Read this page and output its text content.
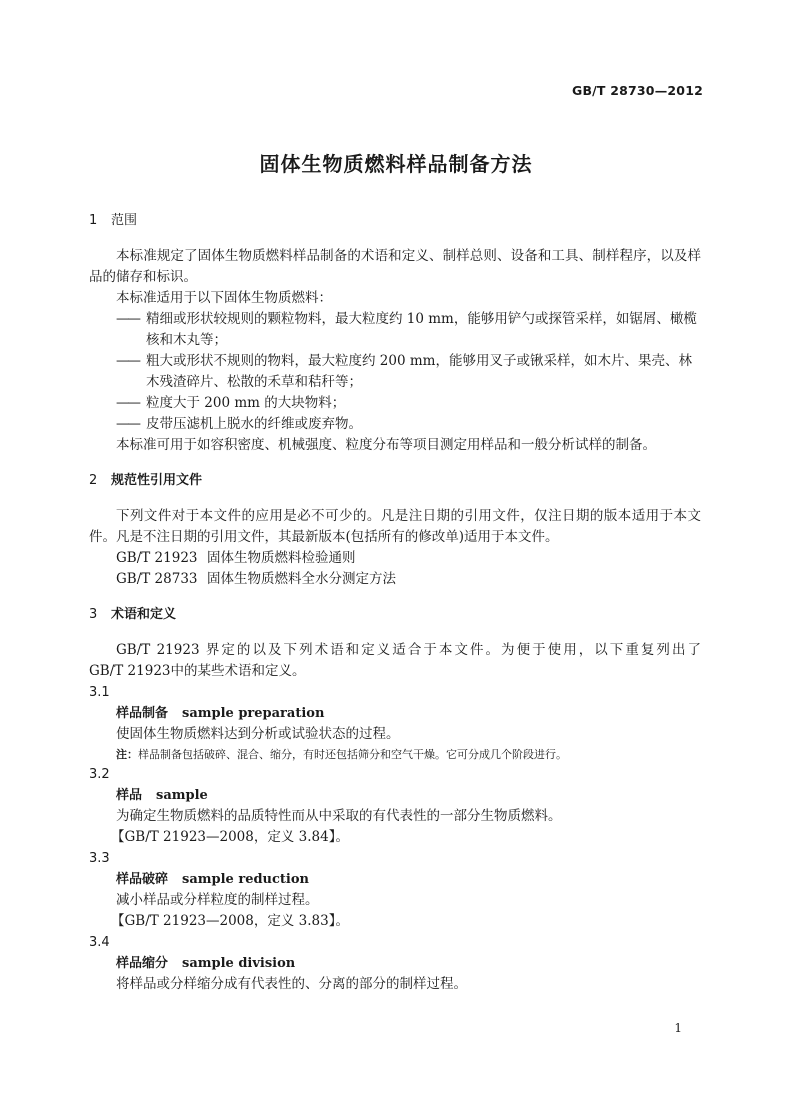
GB/T 28730—2012
固体生物质燃料样品制备方法
1 范围

本标准规定了固体生物质燃料样品制备的术语和定义、制样总则、设备和工具、制样程序，以及样品的储存和标识。

本标准适用于以下固体生物质燃料：

—— 精细或形状较规则的颗粒物料，最大粒度约 10 mm，能够用铲勺或探管采样，如锯屑、橄榄核和木丸等；

—— 粗大或形状不规则的物料，最大粒度约 200 mm，能够用叉子或锹采样，如木片、果壳、林木残渣碎片、松散的禾草和秸秆等；

—— 粒度大于 200 mm 的大块物料；

—— 皮带压滤机上脱水的纤维或废弃物。

本标准可用于如容积密度、机械强度、粒度分布等项目测定用样品和一般分析试样的制备。

2 规范性引用文件

下列文件对于本文件的应用是必不可少的。凡是注日期的引用文件，仅注日期的版本适用于本文件。凡是不注日期的引用文件，其最新版本(包括所有的修改单)适用于本文件。

GB/T 21923 固体生物质燃料检验通则

GB/T 28733 固体生物质燃料全水分测定方法

3 术语和定义

GB/T 21923 界定的以及下列术语和定义适合于本文件。为便于使用，以下重复列出了

GB/T 21923中的某些术语和定义。

3.1

样品制备 sample preparation

使固体生物质燃料达到分析或试验状态的过程。

注：样品制备包括破碎、混合、缩分，有时还包括筛分和空气干燥。它可分成几个阶段进行。

3.2

样品 sample

为确定生物质燃料的品质特性而从中采取的有代表性的一部分生物质燃料。

【GB/T 21923—2008，定义 3.84】。

3.3

样品破碎 sample reduction

减小样品或分样粒度的制样过程。

【GB/T 21923—2008，定义 3.83】。

3.4

样品缩分 sample division

将样品或分样缩分成有代表性的、分离的部分的制样过程。

1
